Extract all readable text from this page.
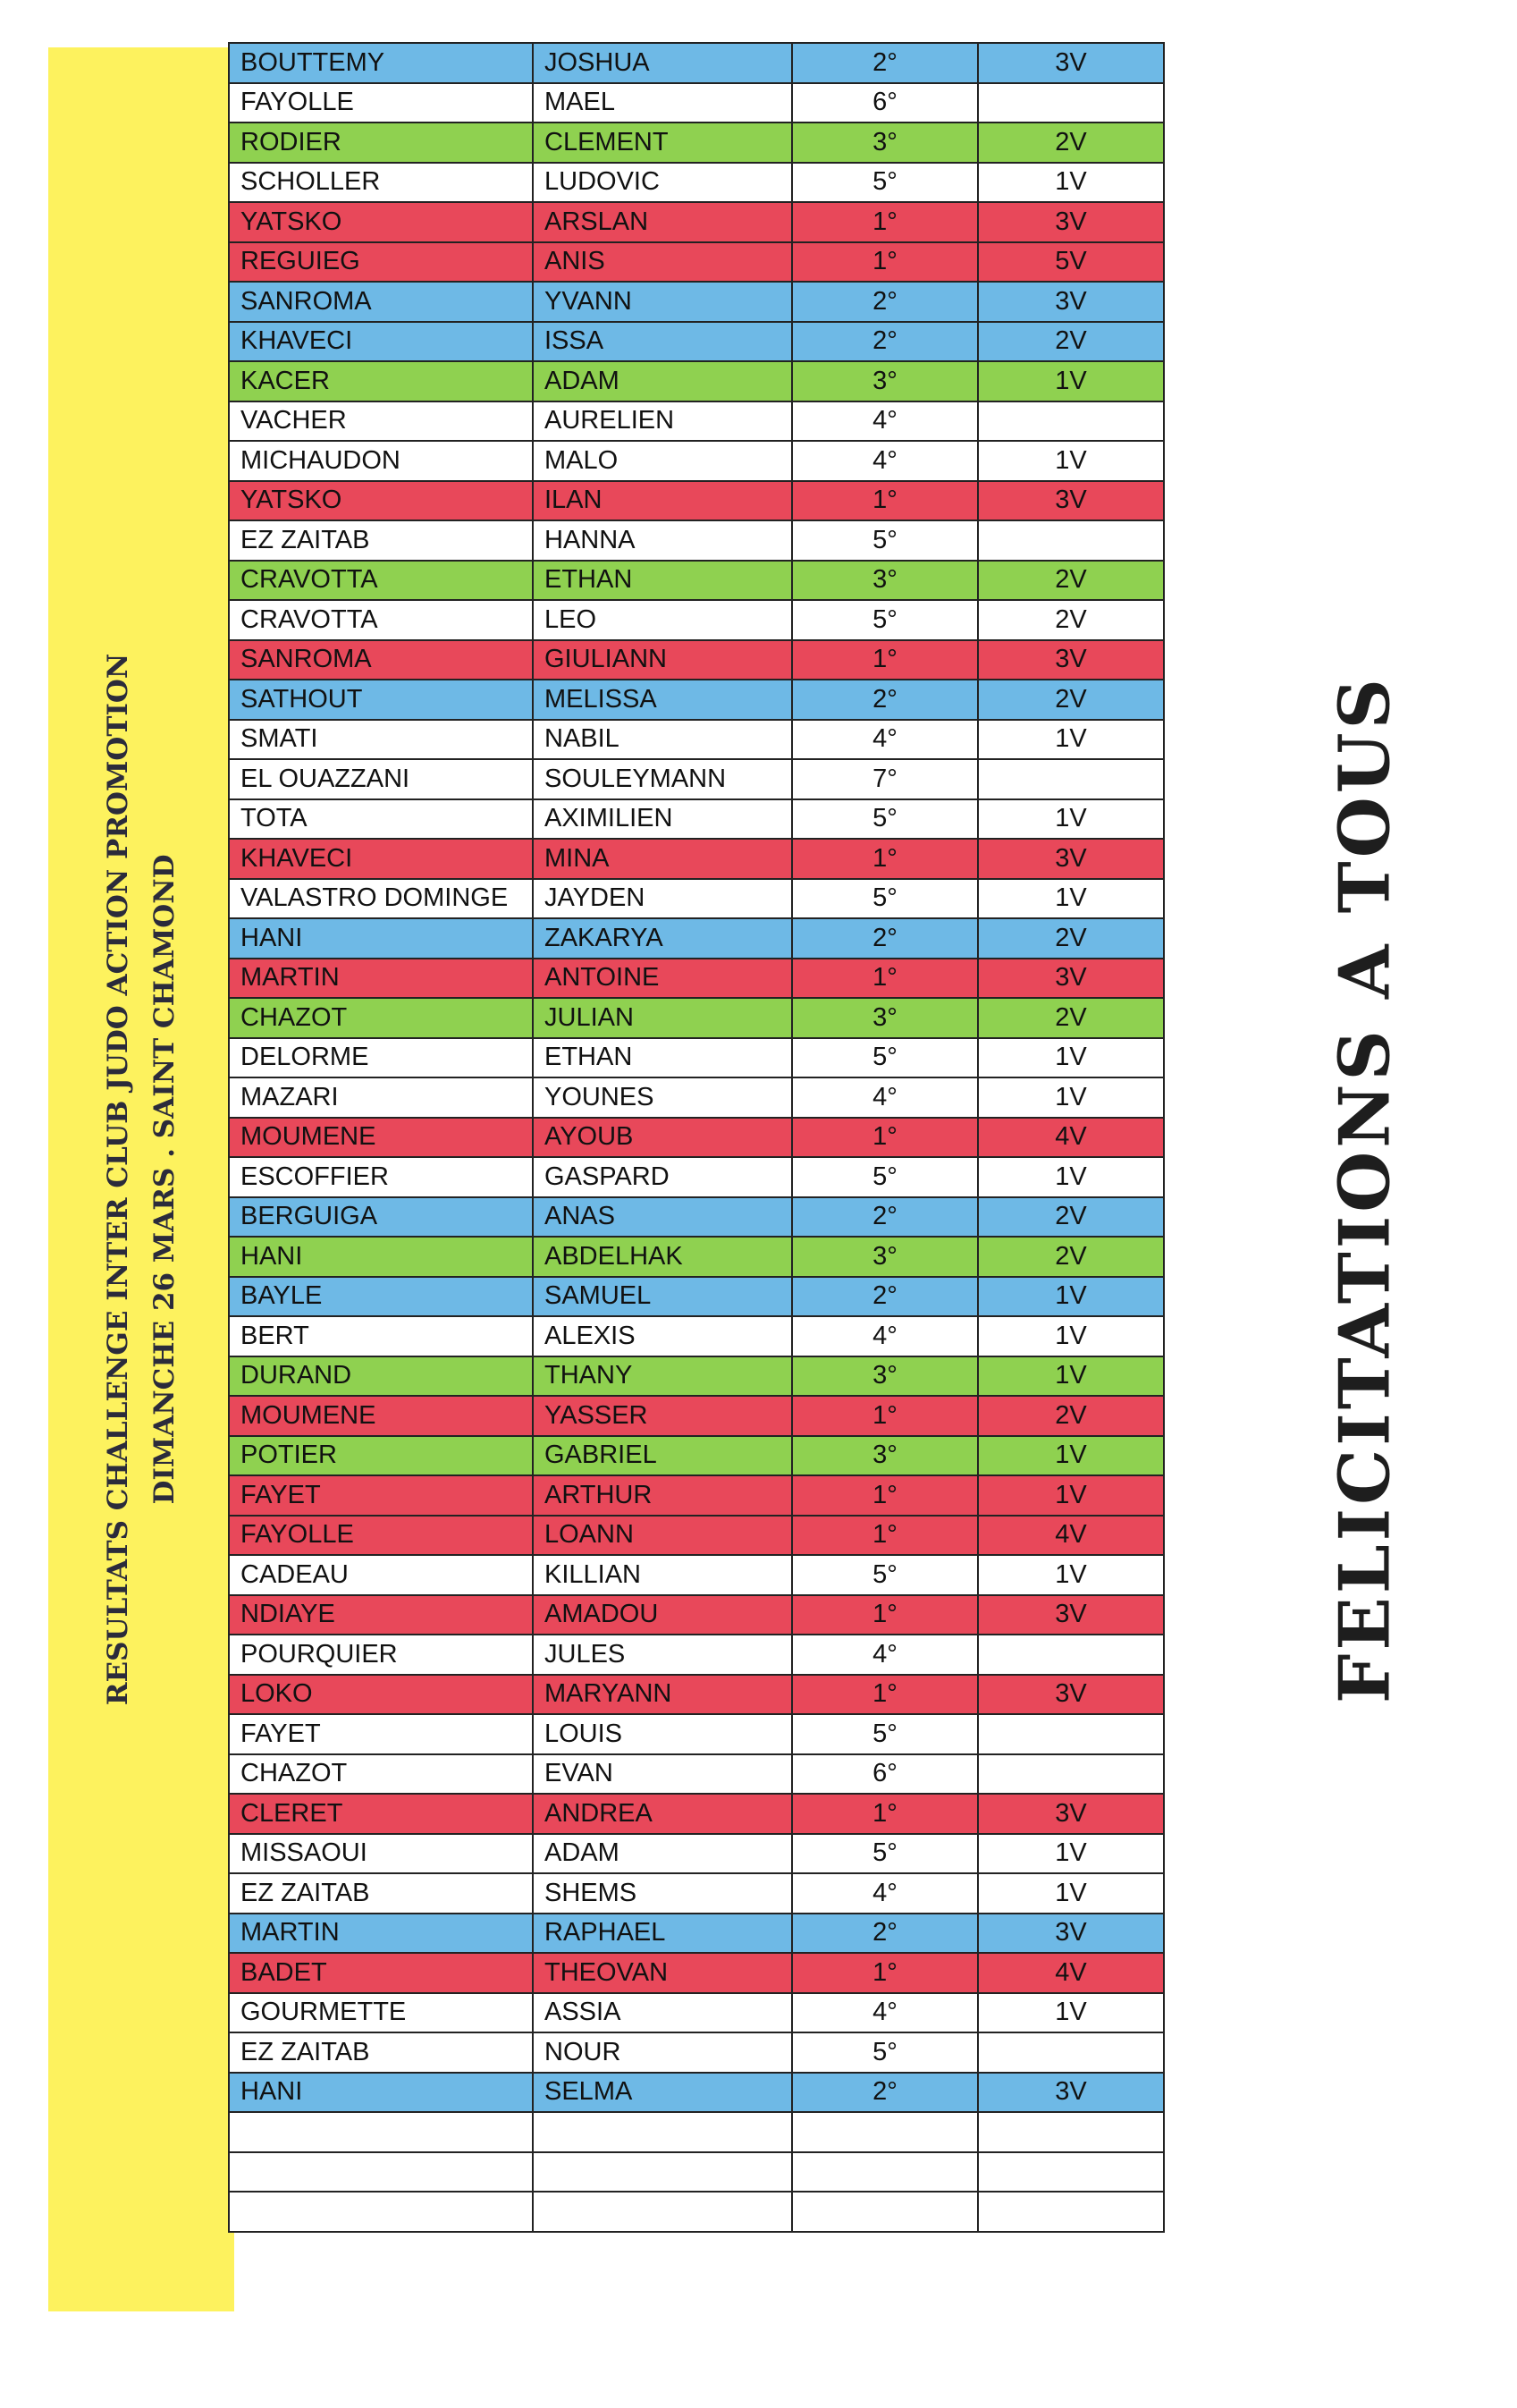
RESULTATS CHALLENGE INTER CLUB JUDO ACTION PROMOTION DIMANCHE 26 MARS . SAINT CHAMOND
BOUTTEMY	JOSHUA	2°	3V
FAYOLLE	MAEL	6°	
RODIER	CLEMENT	3°	2V
SCHOLLER	LUDOVIC	5°	1V
YATSKO	ARSLAN	1°	3V
REGUIEG	ANIS	1°	5V
SANROMA	YVANN	2°	3V
KHAVECI	ISSA	2°	2V
KACER	ADAM	3°	1V
VACHER	AURELIEN	4°	
MICHAUDON	MALO	4°	1V
YATSKO	ILAN	1°	3V
EZ ZAITAB	HANNA	5°	
CRAVOTTA	ETHAN	3°	2V
CRAVOTTA	LEO	5°	2V
SANROMA	GIULIANN	1°	3V
SATHOUT	MELISSA	2°	2V
SMATI	NABIL	4°	1V
EL OUAZZANI	SOULEYMANN	7°	
TOTA	AXIMILIEN	5°	1V
KHAVECI	MINA	1°	3V
VALASTRO DOMINGE	JAYDEN	5°	1V
HANI	ZAKARYA	2°	2V
MARTIN	ANTOINE	1°	3V
CHAZOT	JULIAN	3°	2V
DELORME	ETHAN	5°	1V
MAZARI	YOUNES	4°	1V
MOUMENE	AYOUB	1°	4V
ESCOFFIER	GASPARD	5°	1V
BERGUIGA	ANAS	2°	2V
HANI	ABDELHAK	3°	2V
BAYLE	SAMUEL	2°	1V
BERT	ALEXIS	4°	1V
DURAND	THANY	3°	1V
MOUMENE	YASSER	1°	2V
POTIER	GABRIEL	3°	1V
FAYET	ARTHUR	1°	1V
FAYOLLE	LOANN	1°	4V
CADEAU	KILLIAN	5°	1V
NDIAYE	AMADOU	1°	3V
POURQUIER	JULES	4°	
LOKO	MARYANN	1°	3V
FAYET	LOUIS	5°	
CHAZOT	EVAN	6°	
CLERET	ANDREA	1°	3V
MISSAOUI	ADAM	5°	1V
EZ ZAITAB	SHEMS	4°	1V
MARTIN	RAPHAEL	2°	3V
BADET	THEOVAN	1°	4V
GOURMETTE	ASSIA	4°	1V
EZ ZAITAB	NOUR	5°	
HANI	SELMA	2°	3V

FELICITATIONS A TOUS
